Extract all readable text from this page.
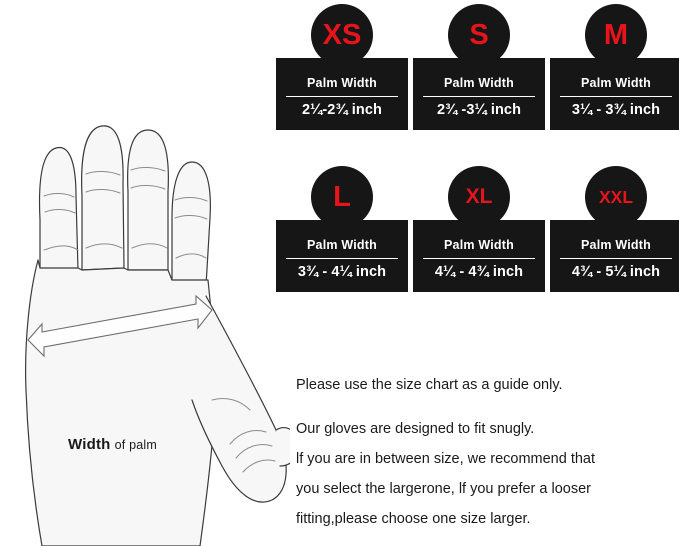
Width of palm
XS
Palm Width
2¼-2¾ inch
S
Palm Width
2¾ -3¼ inch
M
Palm Width
3¼ - 3¾ inch
L
Palm Width
3¾ - 4¼ inch
XL
Palm Width
4¼ - 4¾ inch
XXL
Palm Width
4¾ - 5¼ inch

Please use the size chart as a guide only.

Our gloves are designed to fit snugly.

lf you are in between size, we recommend that

you select the largerone, lf you prefer a looser

fitting,please choose one size larger.
